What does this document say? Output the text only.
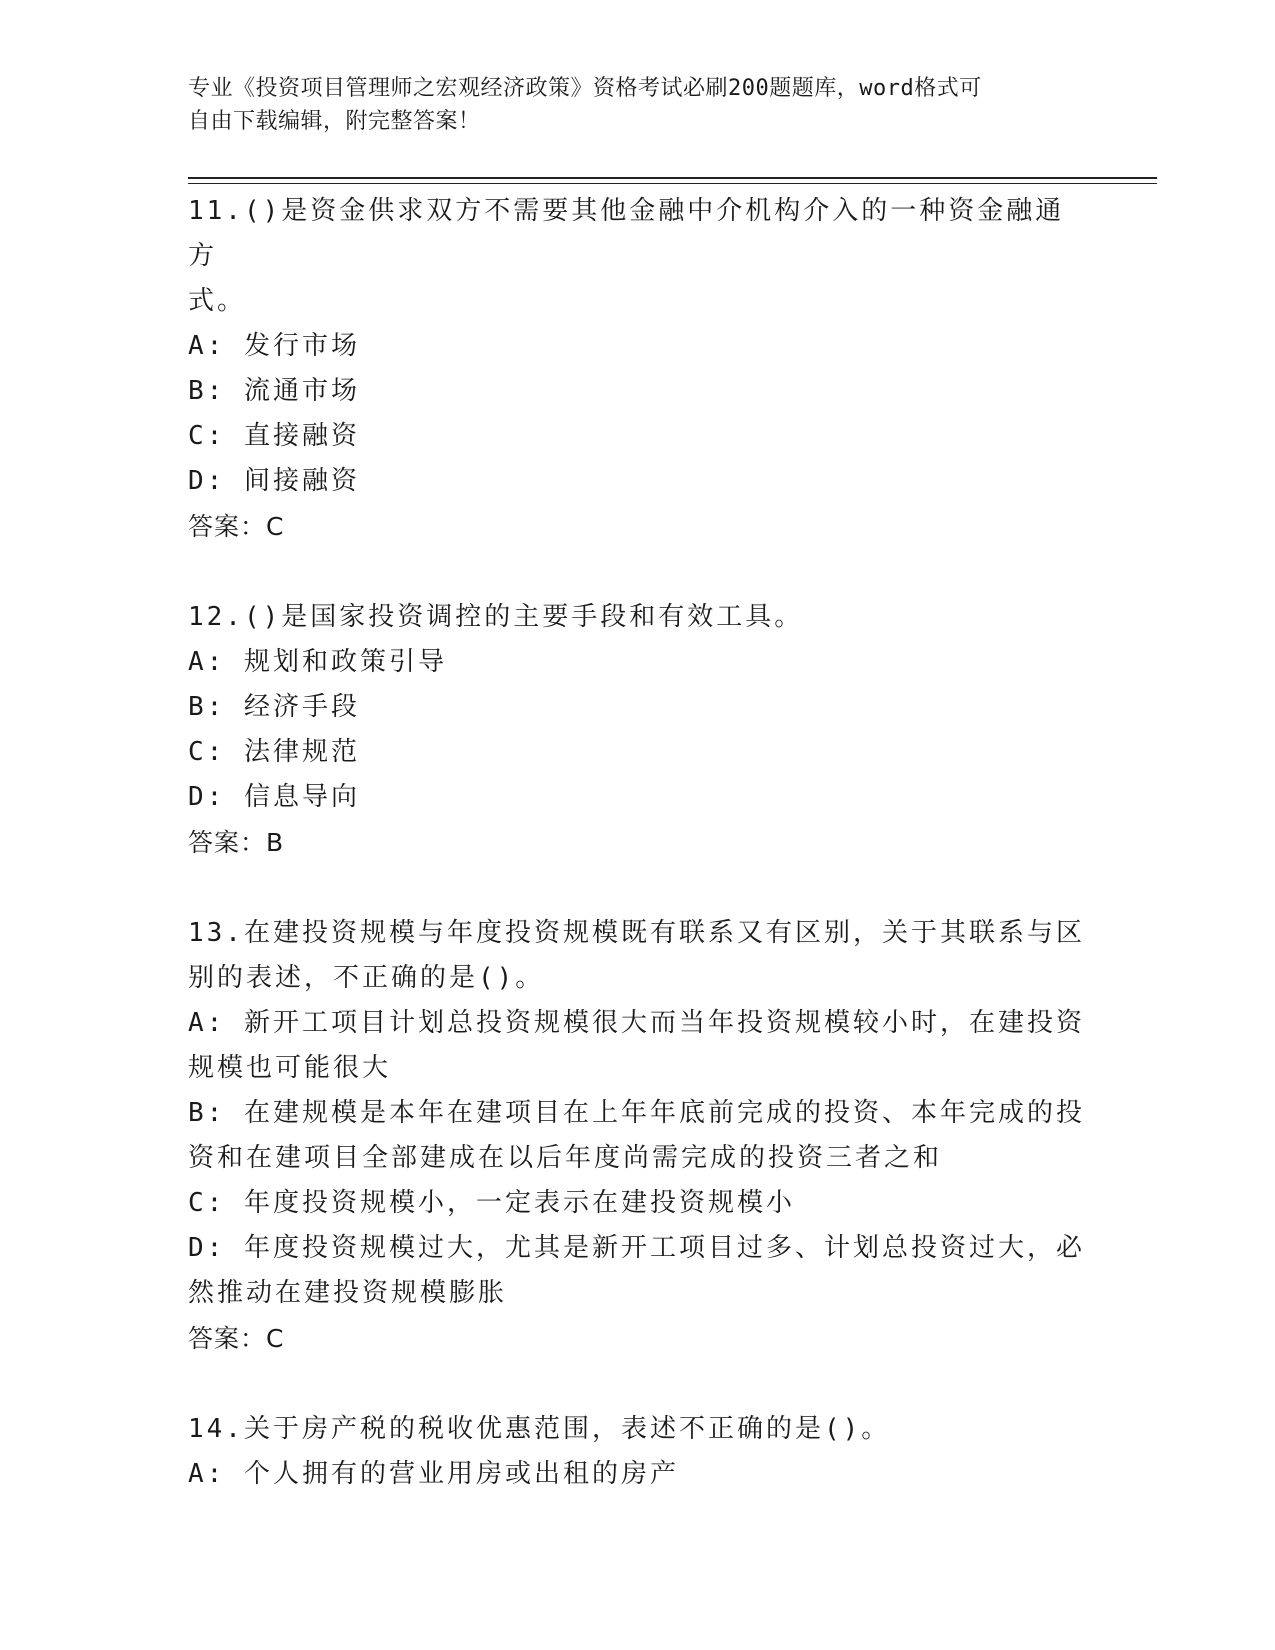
专业《投资项目管理师之宏观经济政策》资格考试必刷200题题库，word格式可
自由下载编辑，附完整答案！
11.()是资金供求双方不需要其他金融中介机构介入的一种资金融通方
式。
A: 发行市场
B: 流通市场
C: 直接融资
D: 间接融资
答案：C
12.()是国家投资调控的主要手段和有效工具。
A: 规划和政策引导
B: 经济手段
C: 法律规范
D: 信息导向
答案：B
13.在建投资规模与年度投资规模既有联系又有区别，关于其联系与区
别的表述，不正确的是()。
A: 新开工项目计划总投资规模很大而当年投资规模较小时，在建投资
规模也可能很大
B: 在建规模是本年在建项目在上年年底前完成的投资、本年完成的投
资和在建项目全部建成在以后年度尚需完成的投资三者之和
C: 年度投资规模小，一定表示在建投资规模小
D: 年度投资规模过大，尤其是新开工项目过多、计划总投资过大，必
然推动在建投资规模膨胀
答案：C
14.关于房产税的税收优惠范围，表述不正确的是()。
A: 个人拥有的营业用房或出租的房产
